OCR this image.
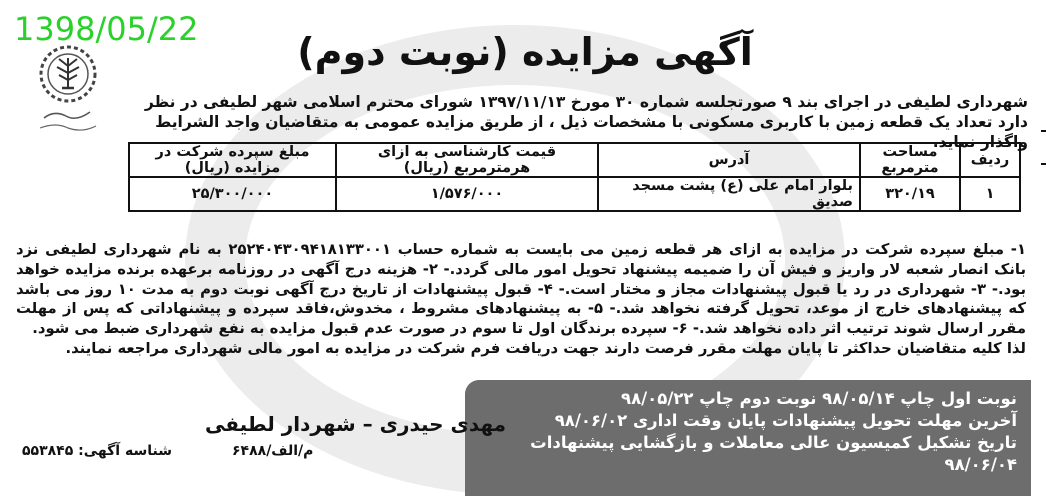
1398/05/22
آگهی مزایده (نوبت دوم)
شهرداری لطیفی در اجرای بند ۹ صورتجلسه شماره ۳۰ مورخ ۱۳۹۷/۱۱/۱۳ شورای محترم اسلامی شهر لطیفی در نظر دارد تعداد یک قطعه زمین با کاربری مسکونی با مشخصات ذیل ، از طریق مزایده عمومی به متقاضیان واجد الشرایط واگذار نماید.
ردیف	مساحت مترمربع	آدرس	قیمت کارشناسی به ازای هرمترمربع (ریال)	مبلغ سپرده شرکت در مزایده (ریال)
۱	۳۲۰/۱۹	بلوار امام علی (ع) پشت مسجد صدیق	۱/۵۷۶/۰۰۰	۲۵/۳۰۰/۰۰۰
۱- مبلغ سپرده شرکت در مزایده به ازای هر قطعه زمین می بایست به شماره حساب ۲۵۲۴۰۴۳۰۹۴۱۸۱۳۳۰۰۱ به نام شهرداری لطیفی نزد بانک انصار شعبه لار واریز و فیش آن را ضمیمه پیشنهاد تحویل امور مالی گردد.- ۲- هزینه درج آگهی در روزنامه برعهده برنده مزایده خواهد بود.- ۳- شهرداری در رد یا قبول پیشنهادات مجاز و مختار است.- ۴- قبول پیشنهادات از تاریخ درج آگهی نوبت دوم به مدت ۱۰ روز می باشد که پیشنهادهای خارج از موعد، تحویل گرفته نخواهد شد.- ۵- به پیشنهادهای مشروط ، مخدوش،فاقد سپرده و پیشنهاداتی که پس از مهلت مقرر ارسال شوند ترتیب اثر داده نخواهد شد.- ۶- سپرده برندگان اول تا سوم در صورت عدم قبول مزایده به نفع شهرداری ضبط می شود.
لذا کلیه متقاضیان حداکثر تا پایان مهلت مقرر فرصت دارند جهت دریافت فرم شرکت در مزایده به امور مالی شهرداری مراجعه نمایند.
نوبت اول چاپ ۹۸/۰۵/۱۴ نوبت دوم چاپ ۹۸/۰۵/۲۲
آخرین مهلت تحویل پیشنهادات پایان وقت اداری ۹۸/۰۶/۰۲
تاریخ تشکیل کمیسیون عالی معاملات و بازگشایی پیشنهادات ۹۸/۰۶/۰۴
مهدی حیدری – شهردار لطیفی
م/الف/۶۴۸۸
شناسه آگهی: ۵۵۳۸۴۵
